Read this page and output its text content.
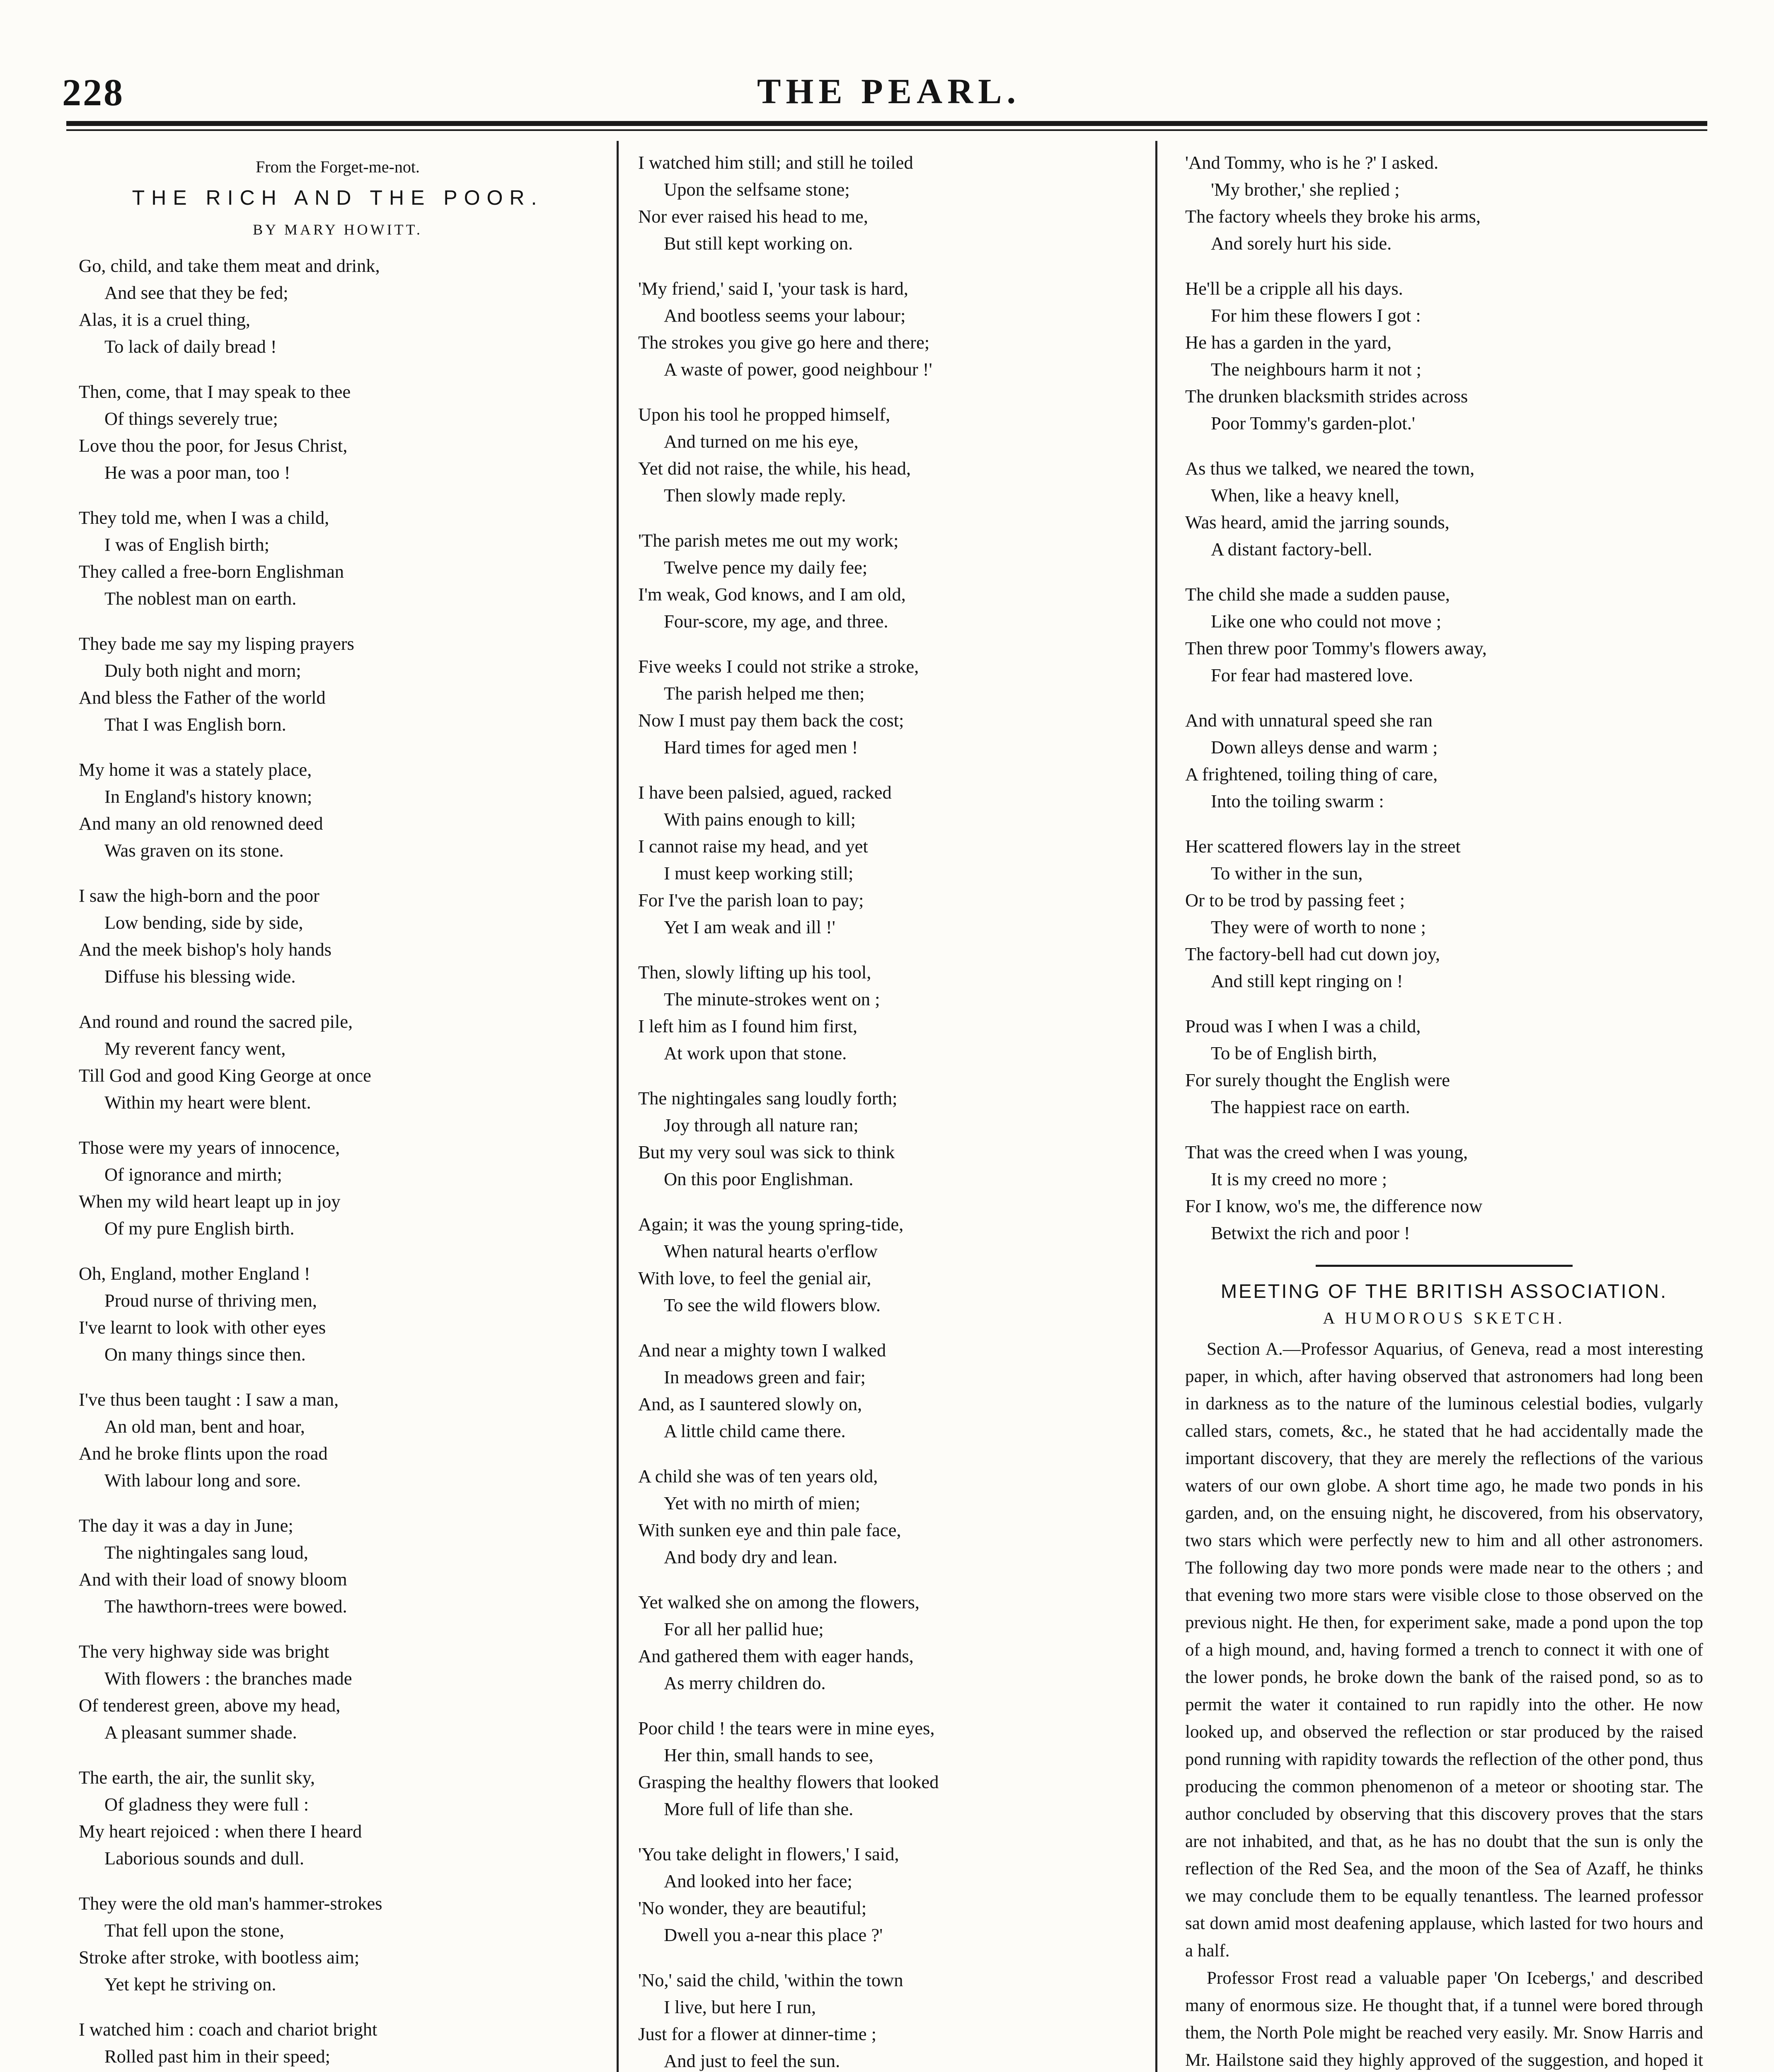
228	THE PEARL.
From the Forget-me-not.
THE RICH AND THE POOR.
BY MARY HOWITT.
Go, child, and take them meat and drink,
And see that they be fed;
Alas, it is a cruel thing,
To lack of daily bread !
Then, come, that I may speak to thee
Of things severely true;
Love thou the poor, for Jesus Christ,
He was a poor man, too !
They told me, when I was a child,
I was of English birth;
They called a free-born Englishman
The noblest man on earth.
They bade me say my lisping prayers
Duly both night and morn;
And bless the Father of the world
That I was English born.
My home it was a stately place,
In England's history known;
And many an old renowned deed
Was graven on its stone.
I saw the high-born and the poor
Low bending, side by side,
And the meek bishop's holy hands
Diffuse his blessing wide.
And round and round the sacred pile,
My reverent fancy went,
Till God and good King George at once
Within my heart were blent.
Those were my years of innocence,
Of ignorance and mirth;
When my wild heart leapt up in joy
Of my pure English birth.
Oh, England, mother England !
Proud nurse of thriving men,
I've learnt to look with other eyes
On many things since then.
I've thus been taught : I saw a man,
An old man, bent and hoar,
And he broke flints upon the road
With labour long and sore.
The day it was a day in June;
The nightingales sang loud,
And with their load of snowy bloom
The hawthorn-trees were bowed.
The very highway side was bright
With flowers : the branches made
Of tenderest green, above my head,
A pleasant summer shade.
The earth, the air, the sunlit sky,
Of gladness they were full :
My heart rejoiced : when there I heard
Laborious sounds and dull.
They were the old man's hammer-strokes
That fell upon the stone,
Stroke after stroke, with bootless aim;
Yet kept he striving on.
I watched him : coach and chariot bright
Rolled past him in their speed;
I watched him still; and still he toiled
Upon the selfsame stone;
Nor ever raised his head to me,
But still kept working on.
'My friend,' said I, 'your task is hard,
And bootless seems your labour;
The strokes you give go here and there;
A waste of power, good neighbour !'
Upon his tool he propped himself,
And turned on me his eye,
Yet did not raise, the while, his head,
Then slowly made reply.
'The parish metes me out my work;
Twelve pence my daily fee;
I'm weak, God knows, and I am old,
Four-score, my age, and three.
Five weeks I could not strike a stroke,
The parish helped me then;
Now I must pay them back the cost;
Hard times for aged men !
I have been palsied, agued, racked
With pains enough to kill;
I cannot raise my head, and yet
I must keep working still;
For I've the parish loan to pay;
Yet I am weak and ill !'
Then, slowly lifting up his tool,
The minute-strokes went on ;
I left him as I found him first,
At work upon that stone.
The nightingales sang loudly forth;
Joy through all nature ran;
But my very soul was sick to think
On this poor Englishman.
Again; it was the young spring-tide,
When natural hearts o'erflow
With love, to feel the genial air,
To see the wild flowers blow.
And near a mighty town I walked
In meadows green and fair;
And, as I sauntered slowly on,
A little child came there.
A child she was of ten years old,
Yet with no mirth of mien;
With sunken eye and thin pale face,
And body dry and lean.
Yet walked she on among the flowers,
For all her pallid hue;
And gathered them with eager hands,
As merry children do.
Poor child ! the tears were in mine eyes,
Her thin, small hands to see,
Grasping the healthy flowers that looked
More full of life than she.
'You take delight in flowers,' I said,
And looked into her face;
'No wonder, they are beautiful;
Dwell you a-near this place ?'
'No,' said the child, 'within the town
I live, but here I run,
Just for a flower at dinner-time ;
And just to feel the sun.
'And Tommy, who is he ?' I asked.
'My brother,' she replied ;
The factory wheels they broke his arms,
And sorely hurt his side.
He'll be a cripple all his days.
For him these flowers I got :
He has a garden in the yard,
The neighbours harm it not ;
The drunken blacksmith strides across
Poor Tommy's garden-plot.'
As thus we talked, we neared the town,
When, like a heavy knell,
Was heard, amid the jarring sounds,
A distant factory-bell.
The child she made a sudden pause,
Like one who could not move ;
Then threw poor Tommy's flowers away,
For fear had mastered love.
And with unnatural speed she ran
Down alleys dense and warm ;
A frightened, toiling thing of care,
Into the toiling swarm :
Her scattered flowers lay in the street
To wither in the sun,
Or to be trod by passing feet ;
They were of worth to none ;
The factory-bell had cut down joy,
And still kept ringing on !
Proud was I when I was a child,
To be of English birth,
For surely thought the English were
The happiest race on earth.
That was the creed when I was young,
It is my creed no more ;
For I know, wo's me, the difference now
Betwixt the rich and poor !
MEETING OF THE BRITISH ASSOCIATION.
A HUMOROUS SKETCH.
Section A.—Professor Aquarius, of Geneva, read a most interesting paper, in which, after having observed that astronomers had long been in darkness as to the nature of the luminous celestial bodies, vulgarly called stars, comets, &c., he stated that he had accidentally made the important discovery, that they are merely the reflections of the various waters of our own globe. A short time ago, he made two ponds in his garden, and, on the ensuing night, he discovered, from his observatory, two stars which were perfectly new to him and all other astronomers. The following day two more ponds were made near to the others ; and that evening two more stars were visible close to those observed on the previous night. He then, for experiment sake, made a pond upon the top of a high mound, and, having formed a trench to connect it with one of the lower ponds, he broke down the bank of the raised pond, so as to permit the water it contained to run rapidly into the other. He now looked up, and observed the reflection or star produced by the raised pond running with rapidity towards the reflection of the other pond, thus producing the common phenomenon of a meteor or shooting star. The author concluded by observing that this discovery proves that the stars are not inhabited, and that, as he has no doubt that the sun is only the reflection of the Red Sea, and the moon of the Sea of Azaff, he thinks we may conclude them to be equally tenantless. The learned professor sat down amid most deafening applause, which lasted for two hours and a half.
Professor Frost read a valuable paper 'On Icebergs,' and described many of enormous size. He thought that, if a tunnel were bored through them, the North Pole might be reached very easily. Mr. Snow Harris and Mr. Hailstone said they highly approved of the suggestion, and hoped it
